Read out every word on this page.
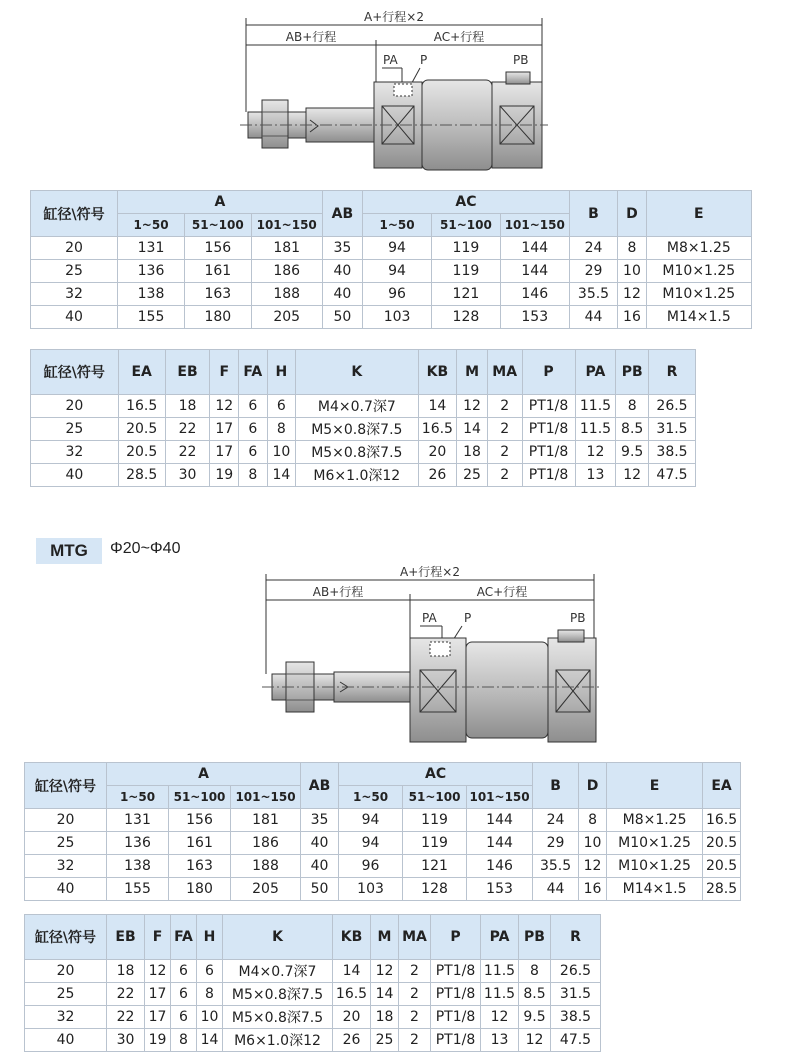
A+行程×2
AB+行程	AC+行程
PA P	PB
缸径\符号	A			AB	AC			B	D	E
	1~50	51~100	101~150		1~50	51~100	101~150			
20	131	156	181	35	94	119	144	24	8	M8×1.25
25	136	161	186	40	94	119	144	29	10	M10×1.25
32	138	163	188	40	96	121	146	35.5	12	M10×1.25
40	155	180	205	50	103	128	153	44	16	M14×1.5
缸径\符号	EA	EB	F	FA	H	K	KB	M	MA	P	PA	PB	R
20	16.5	18	12	6	6	M4×0.7深7	14	12	2	PT1/8	11.5	8	26.5
25	20.5	22	17	6	8	M5×0.8深7.5	16.5	14	2	PT1/8	11.5	8.5	31.5
32	20.5	22	17	6	10	M5×0.8深7.5	20	18	2	PT1/8	12	9.5	38.5
40	28.5	30	19	8	14	M6×1.0深12	26	25	2	PT1/8	13	12	47.5
MTG	Φ20~Φ40
A+行程×2
AB+行程	AC+行程
PA P	PB
缸径\符号	A			AB	AC			B	D	E	EA
	1~50	51~100	101~150		1~50	51~100	101~150				
20	131	156	181	35	94	119	144	24	8	M8×1.25	16.5
25	136	161	186	40	94	119	144	29	10	M10×1.25	20.5
32	138	163	188	40	96	121	146	35.5	12	M10×1.25	20.5
40	155	180	205	50	103	128	153	44	16	M14×1.5	28.5
缸径\符号	EB	F	FA	H	K	KB	M	MA	P	PA	PB	R
20	18	12	6	6	M4×0.7深7	14	12	2	PT1/8	11.5	8	26.5
25	22	17	6	8	M5×0.8深7.5	16.5	14	2	PT1/8	11.5	8.5	31.5
32	22	17	6	10	M5×0.8深7.5	20	18	2	PT1/8	12	9.5	38.5
40	30	19	8	14	M6×1.0深12	26	25	2	PT1/8	13	12	47.5
